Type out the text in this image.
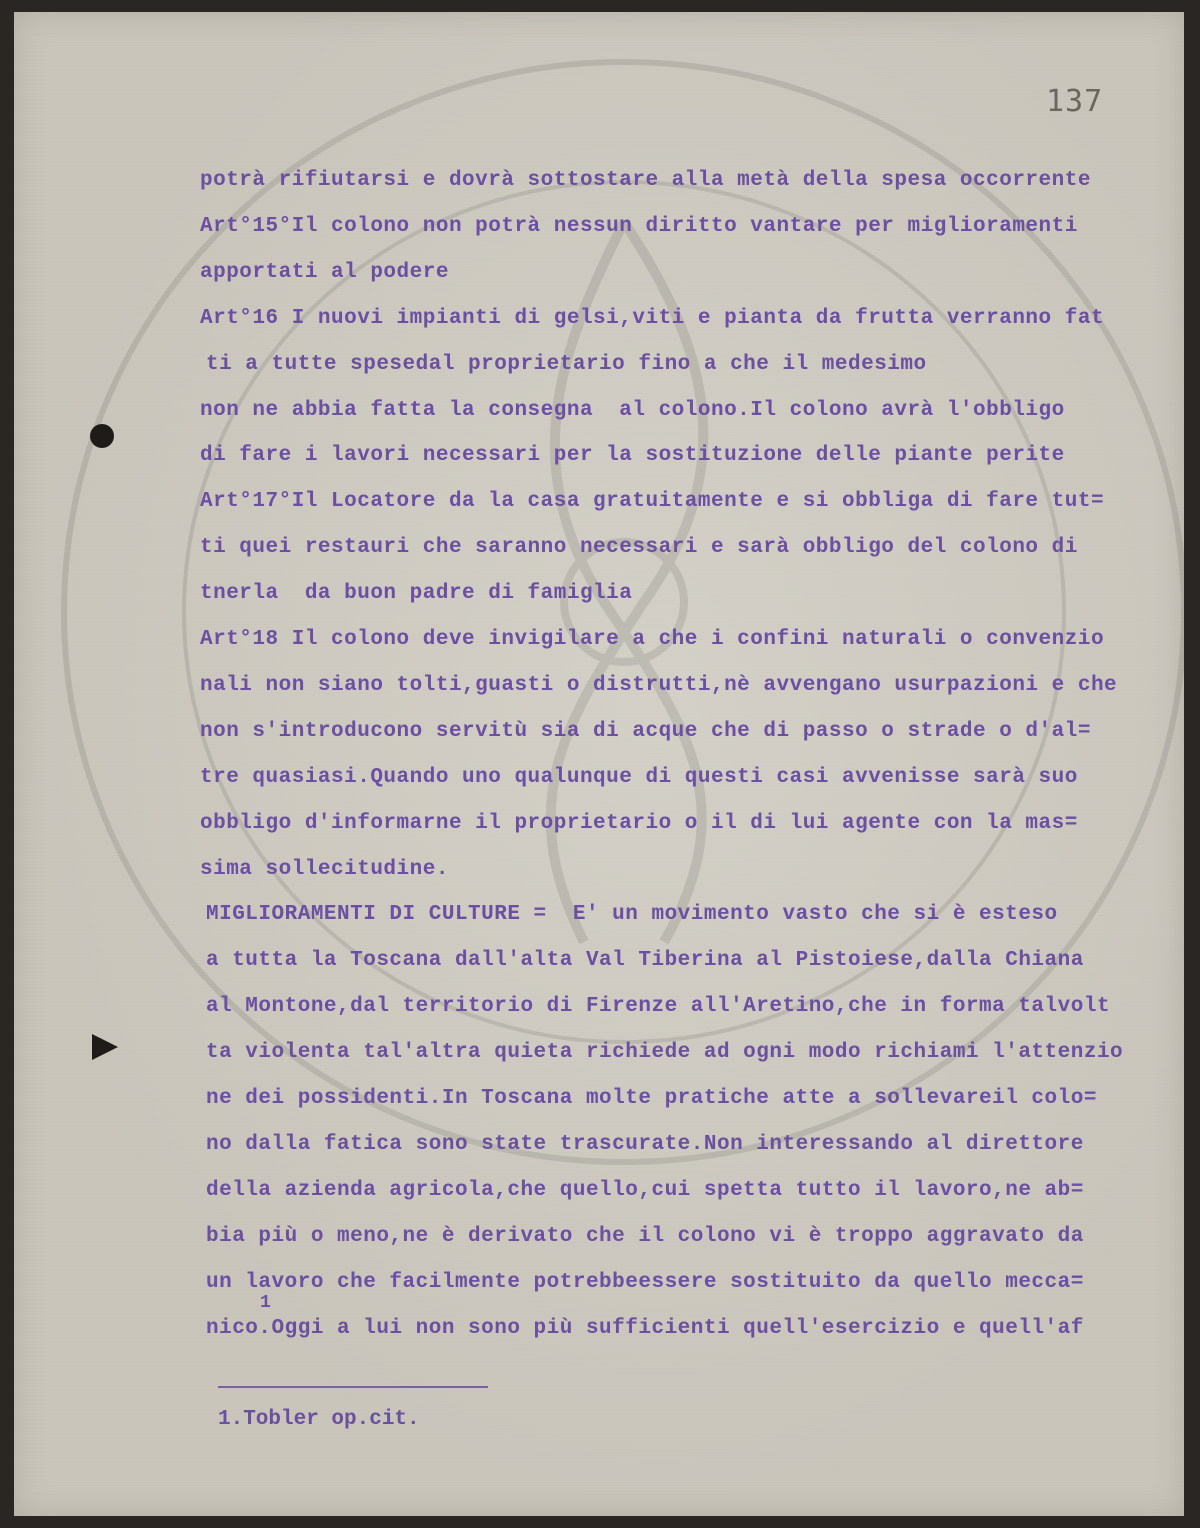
137
potrà rifiutarsi e dovrà sottostare alla metà della spesa occorrente
Art°15°Il colono non potrà nessun diritto vantare per miglioramenti
apportati al podere
Art°16 I nuovi impianti di gelsi,viti e pianta da frutta verranno fat
ti a tutte spesedal proprietario fino a che il medesimo
non ne abbia fatta la consegna  al colono.Il colono avrà l'obbligo
di fare i lavori necessari per la sostituzione delle piante perite
Art°17°Il Locatore da la casa gratuitamente e si obbliga di fare tut=
ti quei restauri che saranno necessari e sarà obbligo del colono di
tnerla  da buon padre di famiglia
Art°18 Il colono deve invigilare a che i confini naturali o convenzio
nali non siano tolti,guasti o distrutti,nè avvengano usurpazioni e che
non s'introducono servitù sia di acque che di passo o strade o d'al=
tre quasiasi.Quando uno qualunque di questi casi avvenisse sarà suo
obbligo d'informarne il proprietario o il di lui agente con la mas=
sima sollecitudine.
MIGLIORAMENTI DI CULTURE =  E' un movimento vasto che si è esteso
a tutta la Toscana dall'alta Val Tiberina al Pistoiese,dalla Chiana
al Montone,dal territorio di Firenze all'Aretino,che in forma talvolt
ta violenta tal'altra quieta richiede ad ogni modo richiami l'attenzio
ne dei possidenti.In Toscana molte pratiche atte a sollevareil colo=
no dalla fatica sono state trascurate.Non interessando al direttore
della azienda agricola,che quello,cui spetta tutto il lavoro,ne ab=
bia più o meno,ne è derivato che il colono vi è troppo aggravato da
un lavoro che facilmente potrebbeessere sostituito da quello mecca=
nico.Oggi a lui non sono più sufficienti quell'esercizio e quell'af
1
1.Tobler op.cit.
